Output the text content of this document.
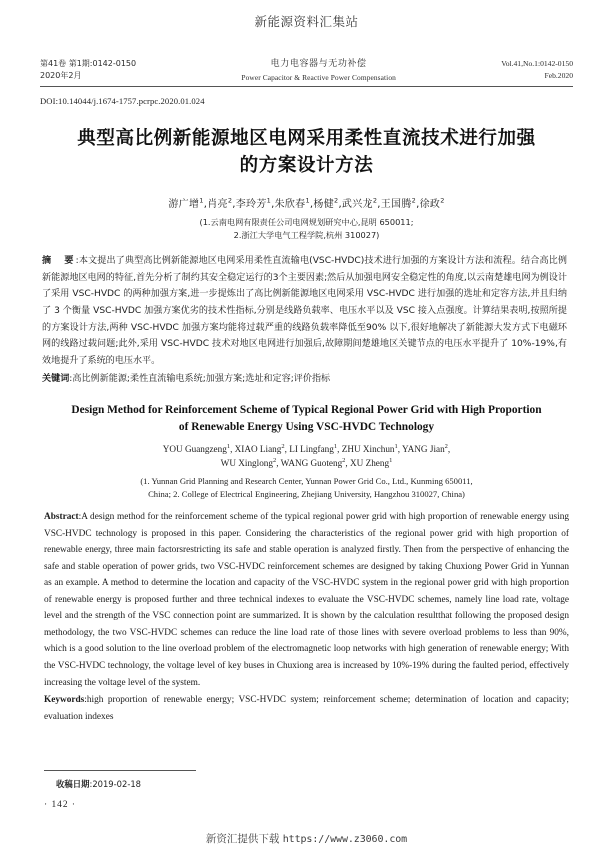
新能源资料汇集站
第41卷 第1期:0142-0150
2020年2月
电力电容器与无功补偿
Power Capacitor & Reactive Power Compensation
Vol.41,No.1:0142-0150
Feb.2020
DOI:10.14044/j.1674-1757.pcrpc.2020.01.024
典型高比例新能源地区电网采用柔性直流技术进行加强
的方案设计方法
游广增$^1$,肖亮$^2$,李玲芳$^1$,朱欣春$^1$,杨健$^2$,武兴龙$^2$,王国腾$^2$,徐政$^2$
(1.云南电网有限责任公司电网规划研究中心,昆明 650011;
2.浙江大学电气工程学院,杭州 310027)
摘　要:本文提出了典型高比例新能源地区电网采用柔性直流输电(VSC-HVDC)技术进行加强的方案设计方法和流程。结合高比例新能源地区电网的特征,首先分析了制约其安全稳定运行的3个主要因素;然后从加强电网安全稳定性的角度,以云南楚雄电网为例设计了采用 VSC-HVDC 的两种加强方案,进一步提炼出了高比例新能源地区电网采用 VSC-HVDC 进行加强的选址和定容方法,并且归纳了 3 个衡量 VSC-HVDC 加强方案优劣的技术性指标,分别是线路负载率、电压水平以及 VSC 接入点强度。计算结果表明,按照所提的方案设计方法,两种 VSC-HVDC 加强方案均能将过载严重的线路负载率降低至90% 以下,很好地解决了新能源大发方式下电磁环网的线路过载问题;此外,采用 VSC-HVDC 技术对地区电网进行加强后,故障期间楚雄地区关键节点的电压水平提升了 10%-19%,有效地提升了系统的电压水平。
关键词:高比例新能源;柔性直流输电系统;加强方案;选址和定容;评价指标
Design Method for Reinforcement Scheme of Typical Regional Power Grid with High Proportion
of Renewable Energy Using VSC-HVDC Technology
YOU Guangzeng$^1$, XIAO Liang$^2$, LI Lingfang$^1$, ZHU Xinchun$^1$, YANG Jian$^2$,
WU Xinglong$^2$, WANG Guoteng$^2$, XU Zheng$^1$
(1. Yunnan Grid Planning and Research Center, Yunnan Power Grid Co., Ltd., Kunming 650011,
China; 2. College of Electrical Engineering, Zhejiang University, Hangzhou 310027, China)
Abstract:A design method for the reinforcement scheme of the typical regional power grid with high proportion of renewable energy using VSC-HVDC technology is proposed in this paper. Considering the characteristics of the regional power grid with high proportion of renewable energy, three main factorsrestricting its safe and stable operation is analyzed firstly. Then from the perspective of enhancing the safe and stable operation of power grids, two VSC-HVDC reinforcement schemes are designed by taking Chuxiong Power Grid in Yunnan as an example. A method to determine the location and capacity of the VSC-HVDC system in the regional power grid with high proportion of renewable energy is proposed further and three technical indexes to evaluate the VSC-HVDC schemes, namely line load rate, voltage level and the strength of the VSC connection point are summarized. It is shown by the calculation resultthat following the proposed design methodology, the two VSC-HVDC schemes can reduce the line load rate of those lines with severe overload problems to less than 90%, which is a good solution to the line overload problem of the electromagnetic loop networks with high generation of renewable energy; With the VSC-HVDC technology, the voltage level of key buses in Chuxiong area is increased by 10%-19% during the faulted period, effectively increasing the voltage level of the system.
Keywords:high proportion of renewable energy; VSC-HVDC system; reinforcement scheme; determination of location and capacity; evaluation indexes
收稿日期:2019-02-18
· 142 ·
新资汇提供下载 https://www.z3060.com
